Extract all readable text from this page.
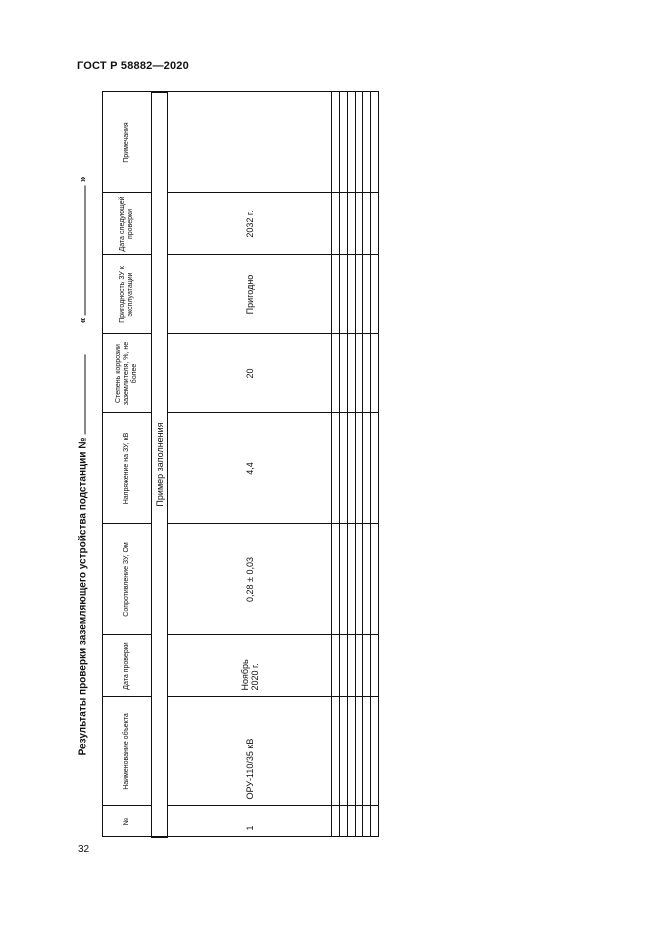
ГОСТ Р 58882—2020
Результаты проверки заземляющего устройства подстанции №   «  »
№	Наименование объекта	Дата проверки	Сопротивление ЗУ, Ом	Напряжение на ЗУ, кВ	Степень коррозии заземлителя, %, не более	Пригодность ЗУ к эксплуатации	Дата следующей проверки	Примечания
Пример заполнения								
1	ОРУ-110/35 кВ	Ноябрь 2020 г.	0,28 ± 0,03	4,4	20	Пригодно	2032 г.	

32
